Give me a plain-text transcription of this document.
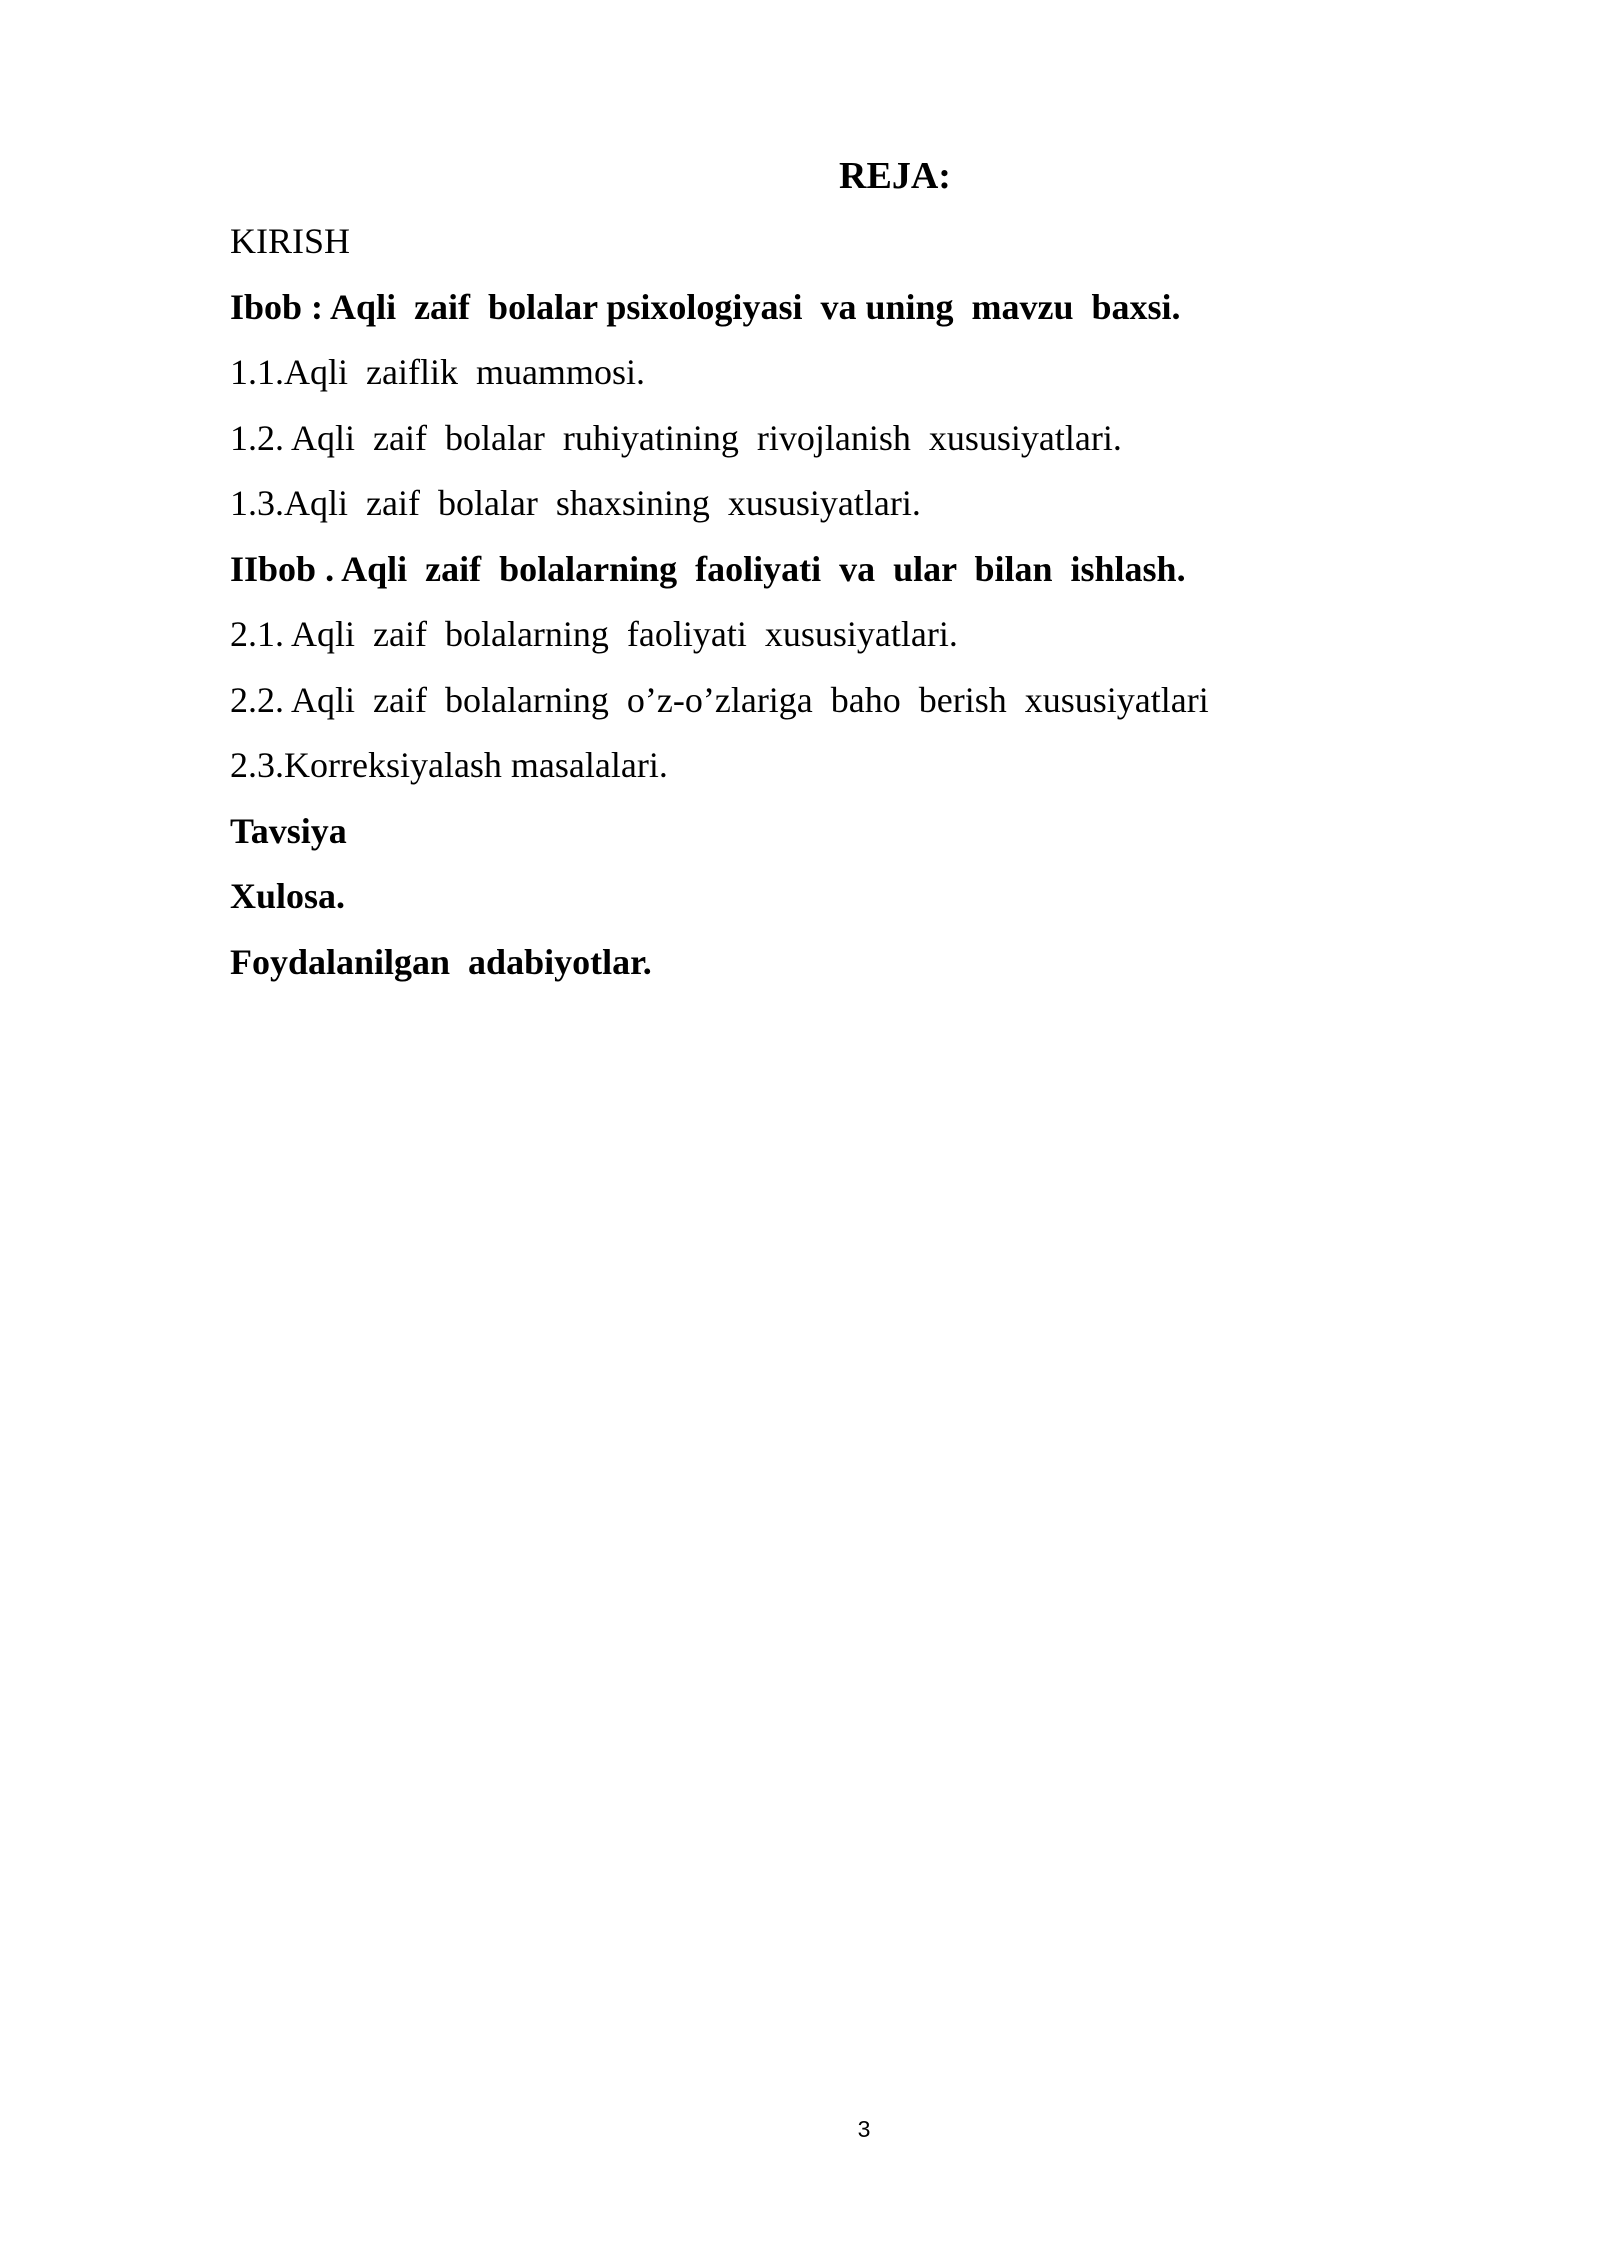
REJA:
KIRISH
Ibob : Aqli  zaif  bolalar psixologiyasi  va uning  mavzu  baxsi.
1.1.Aqli  zaiflik  muammosi.
1.2. Aqli  zaif  bolalar  ruhiyatining  rivojlanish  xususiyatlari.
1.3.Aqli  zaif  bolalar  shaxsining  xususiyatlari.
IIbob . Aqli  zaif  bolalarning  faoliyati  va  ular  bilan  ishlash.
2.1. Aqli  zaif  bolalarning  faoliyati  xususiyatlari.
2.2. Aqli  zaif  bolalarning  o’z-o’zlariga  baho  berish  xususiyatlari
2.3.Korreksiyalash masalalari.
Tavsiya
Xulosa.
Foydalanilgan  adabiyotlar.
3
